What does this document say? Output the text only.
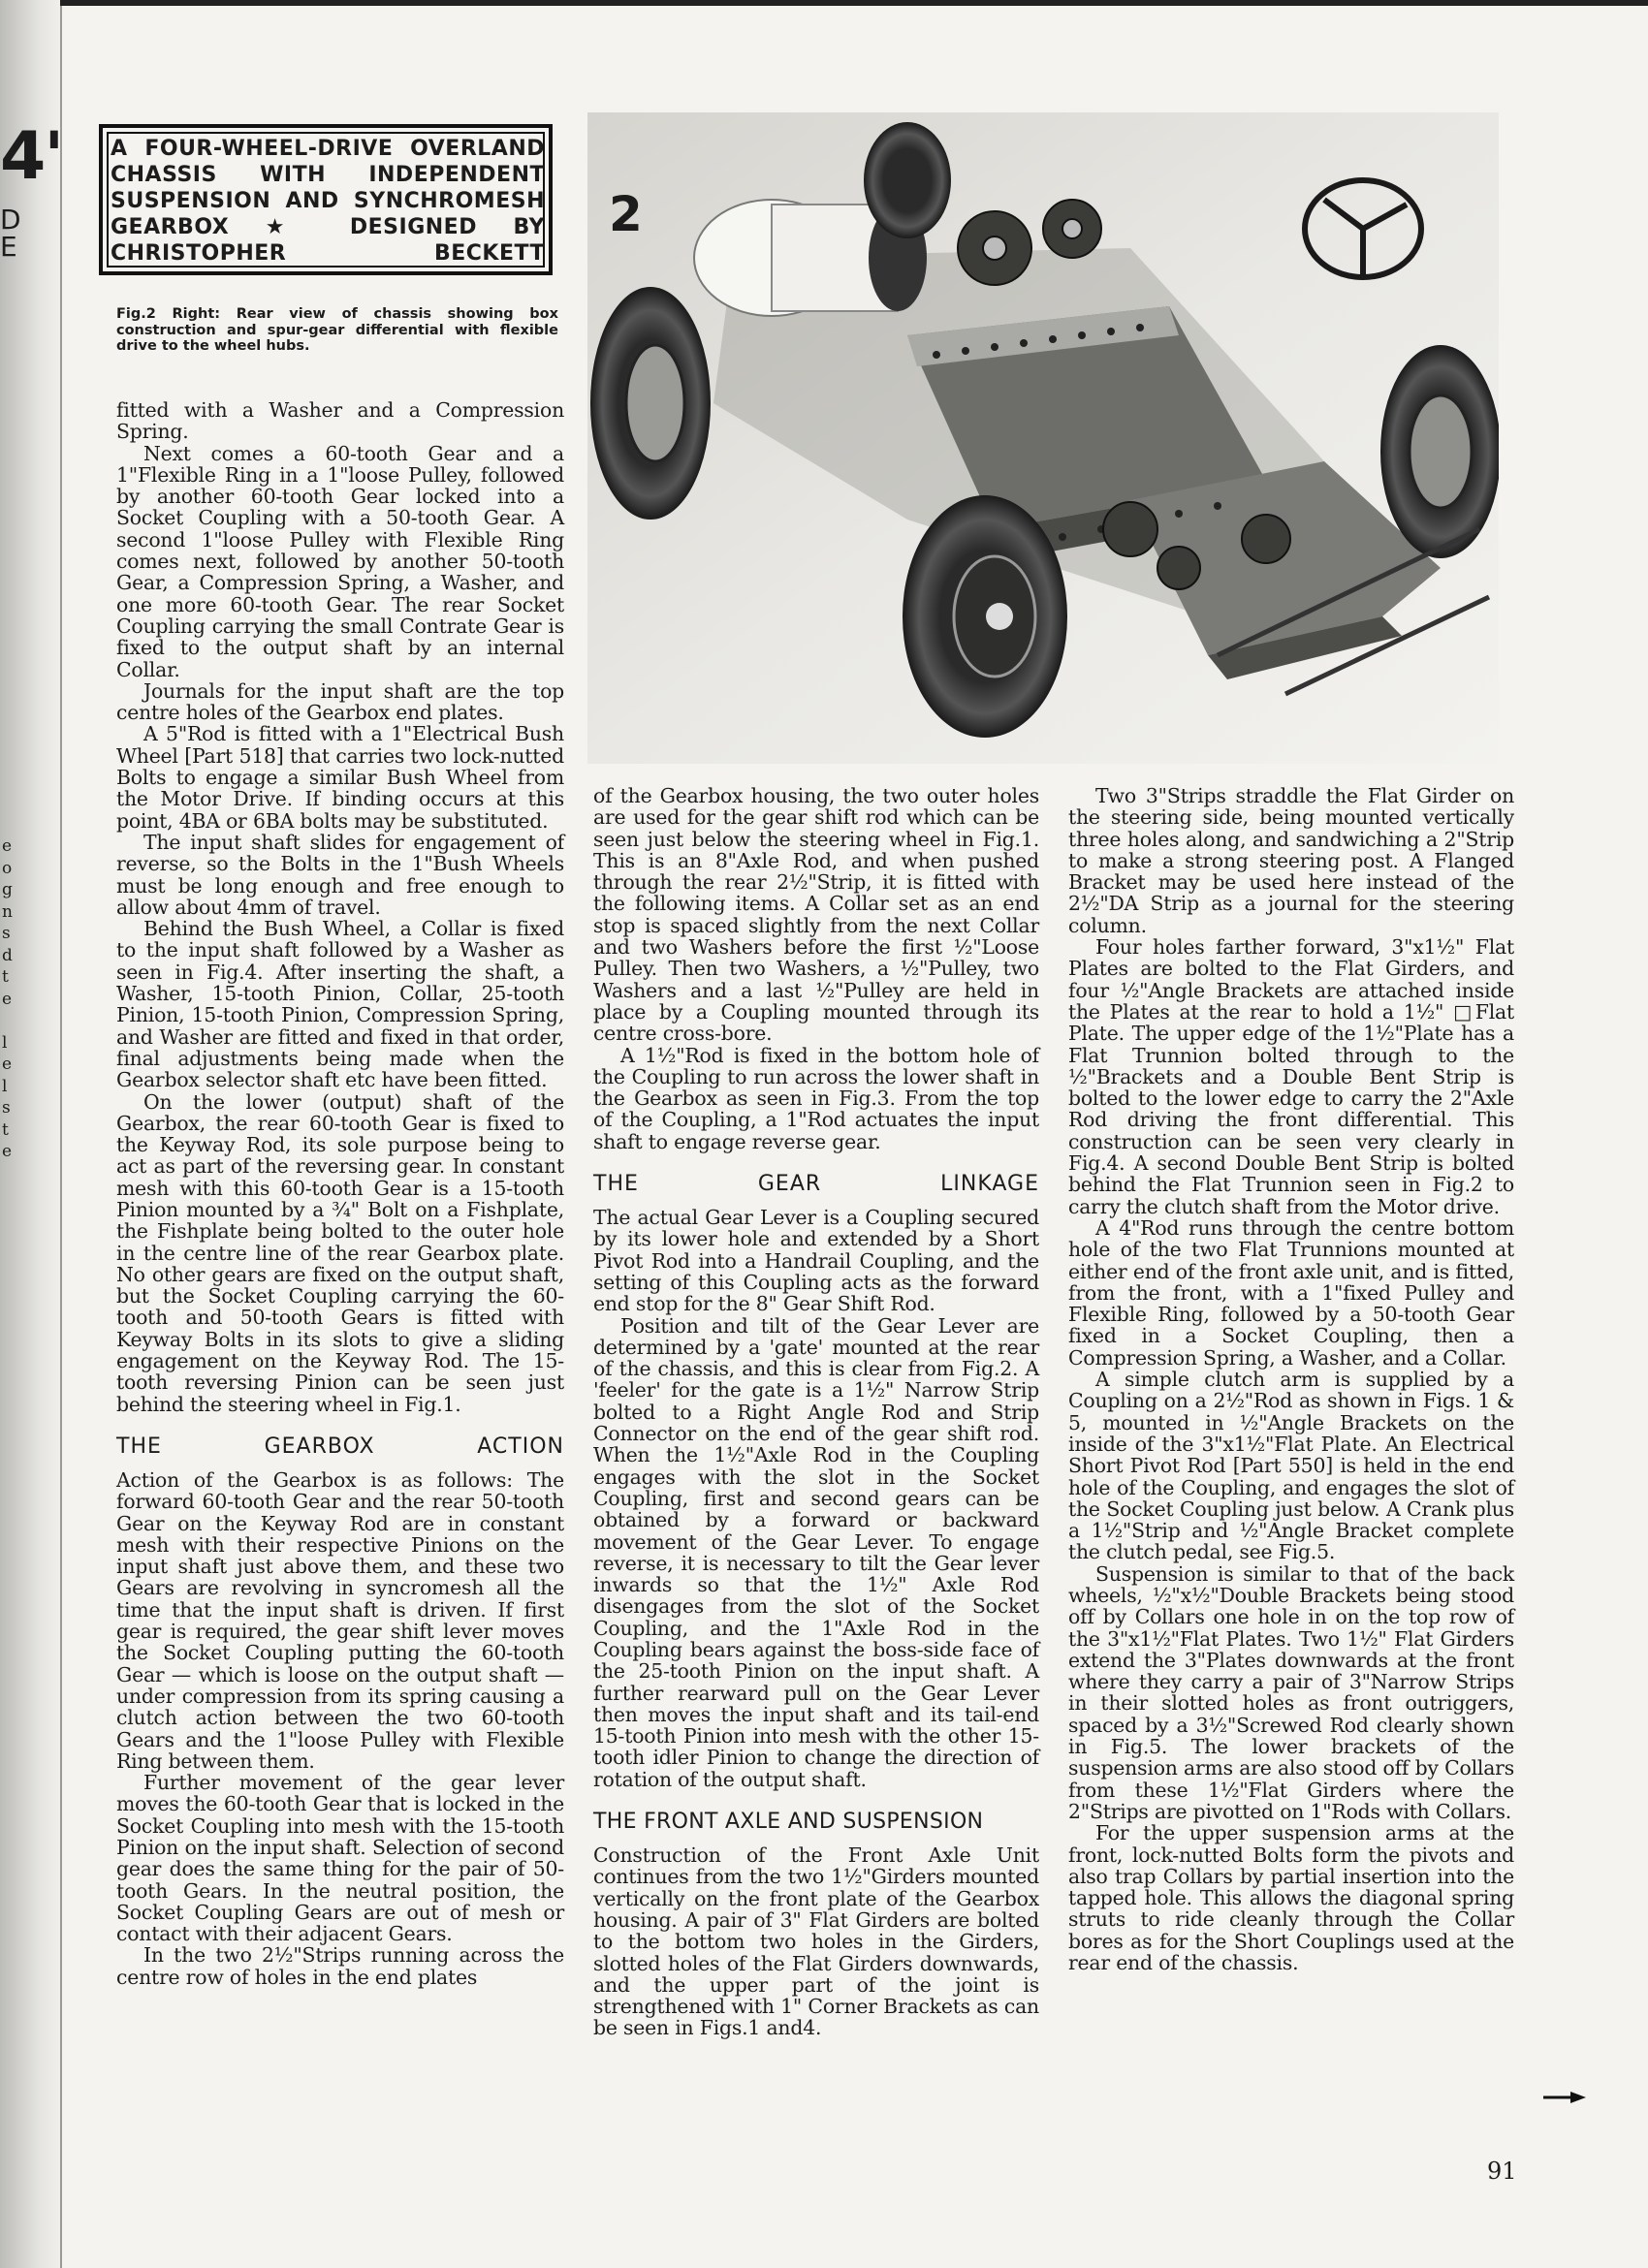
4'
D
E
e
o
g
n
s
d
t
e

l
e
l
s
t
e

A FOUR-WHEEL-DRIVE OVERLAND CHASSIS WITH INDEPENDENT SUSPENSION AND SYNCHROMESH GEARBOX ★ DESIGNED BY CHRISTOPHER BECKETT

Fig.2 Right: Rear view of chassis showing box construction and spur-gear differential with flexible drive to the wheel hubs.
2

fitted with a Washer and a Compression Spring.

Next comes a 60-tooth Gear and a 1"Flexible Ring in a 1"loose Pulley, followed by another 60-tooth Gear locked into a Socket Coupling with a 50-tooth Gear. A second 1"loose Pulley with Flexible Ring comes next, followed by another 50-tooth Gear, a Compression Spring, a Washer, and one more 60-tooth Gear. The rear Socket Coupling carrying the small Contrate Gear is fixed to the output shaft by an internal Collar.

Journals for the input shaft are the top centre holes of the Gearbox end plates.

A 5"Rod is fitted with a 1"Electrical Bush Wheel [Part 518] that carries two lock-nutted Bolts to engage a similar Bush Wheel from the Motor Drive. If binding occurs at this point, 4BA or 6BA bolts may be substituted.

The input shaft slides for engagement of reverse, so the Bolts in the 1"Bush Wheels must be long enough and free enough to allow about 4mm of travel.

Behind the Bush Wheel, a Collar is fixed to the input shaft followed by a Washer as seen in Fig.4. After inserting the shaft, a Washer, 15-tooth Pinion, Collar, 25-tooth Pinion, 15-tooth Pinion, Compression Spring, and Washer are fitted and fixed in that order, final adjustments being made when the Gearbox selector shaft etc have been fitted.

On the lower (output) shaft of the Gearbox, the rear 60-tooth Gear is fixed to the Keyway Rod, its sole purpose being to act as part of the reversing gear. In constant mesh with this 60-tooth Gear is a 15-tooth Pinion mounted by a ¾" Bolt on a Fishplate, the Fishplate being bolted to the outer hole in the centre line of the rear Gearbox plate. No other gears are fixed on the output shaft, but the Socket Coupling carrying the 60-tooth and 50-tooth Gears is fitted with Keyway Bolts in its slots to give a sliding engagement on the Keyway Rod. The 15-tooth reversing Pinion can be seen just behind the steering wheel in Fig.1.

THE GEARBOX ACTION

Action of the Gearbox is as follows: The forward 60-tooth Gear and the rear 50-tooth Gear on the Keyway Rod are in constant mesh with their respective Pinions on the input shaft just above them, and these two Gears are revolving in syncromesh all the time that the input shaft is driven. If first gear is required, the gear shift lever moves the Socket Coupling putting the 60-tooth Gear — which is loose on the output shaft — under compression from its spring causing a clutch action between the two 60-tooth Gears and the 1"loose Pulley with Flexible Ring between them.

Further movement of the gear lever moves the 60-tooth Gear that is locked in the Socket Coupling into mesh with the 15-tooth Pinion on the input shaft. Selection of second gear does the same thing for the pair of 50-tooth Gears. In the neutral position, the Socket Coupling Gears are out of mesh or contact with their adjacent Gears.

In the two 2½"Strips running across the centre row of holes in the end plates

of the Gearbox housing, the two outer holes are used for the gear shift rod which can be seen just below the steering wheel in Fig.1. This is an 8"Axle Rod, and when pushed through the rear 2½"Strip, it is fitted with the following items. A Collar set as an end stop is spaced slightly from the next Collar and two Washers before the first ½"Loose Pulley. Then two Washers, a ½"Pulley, two Washers and a last ½"Pulley are held in place by a Coupling mounted through its centre cross-bore.

A 1½"Rod is fixed in the bottom hole of the Coupling to run across the lower shaft in the Gearbox as seen in Fig.3. From the top of the Coupling, a 1"Rod actuates the input shaft to engage reverse gear.

THE GEAR LINKAGE

The actual Gear Lever is a Coupling secured by its lower hole and extended by a Short Pivot Rod into a Handrail Coupling, and the setting of this Coupling acts as the forward end stop for the 8" Gear Shift Rod.

Position and tilt of the Gear Lever are determined by a 'gate' mounted at the rear of the chassis, and this is clear from Fig.2. A 'feeler' for the gate is a 1½" Narrow Strip bolted to a Right Angle Rod and Strip Connector on the end of the gear shift rod. When the 1½"Axle Rod in the Coupling engages with the slot in the Socket Coupling, first and second gears can be obtained by a forward or backward movement of the Gear Lever. To engage reverse, it is necessary to tilt the Gear lever inwards so that the 1½" Axle Rod disengages from the slot of the Socket Coupling, and the 1"Axle Rod in the Coupling bears against the boss-side face of the 25-tooth Pinion on the input shaft. A further rearward pull on the Gear Lever then moves the input shaft and its tail-end 15-tooth Pinion into mesh with the other 15-tooth idler Pinion to change the direction of rotation of the output shaft.

THE FRONT AXLE AND SUSPENSION

Construction of the Front Axle Unit continues from the two 1½"Girders mounted vertically on the front plate of the Gearbox housing. A pair of 3" Flat Girders are bolted to the bottom two holes in the Girders, slotted holes of the Flat Girders downwards, and the upper part of the joint is strengthened with 1" Corner Brackets as can be seen in Figs.1 and4.

Two 3"Strips straddle the Flat Girder on the steering side, being mounted vertically three holes along, and sandwiching a 2"Strip to make a strong steering post. A Flanged Bracket may be used here instead of the 2½"DA Strip as a journal for the steering column.

Four holes farther forward, 3"x1½" Flat Plates are bolted to the Flat Girders, and four ½"Angle Brackets are attached inside the Plates at the rear to hold a 1½" □Flat Plate. The upper edge of the 1½"Plate has a Flat Trunnion bolted through to the ½"Brackets and a Double Bent Strip is bolted to the lower edge to carry the 2"Axle Rod driving the front differential. This construction can be seen very clearly in Fig.4. A second Double Bent Strip is bolted behind the Flat Trunnion seen in Fig.2 to carry the clutch shaft from the Motor drive.

A 4"Rod runs through the centre bottom hole of the two Flat Trunnions mounted at either end of the front axle unit, and is fitted, from the front, with a 1"fixed Pulley and Flexible Ring, followed by a 50-tooth Gear fixed in a Socket Coupling, then a Compression Spring, a Washer, and a Collar.

A simple clutch arm is supplied by a Coupling on a 2½"Rod as shown in Figs. 1 & 5, mounted in ½"Angle Brackets on the inside of the 3"x1½"Flat Plate. An Electrical Short Pivot Rod [Part 550] is held in the end hole of the Coupling, and engages the slot of the Socket Coupling just below. A Crank plus a 1½"Strip and ½"Angle Bracket complete the clutch pedal, see Fig.5.

Suspension is similar to that of the back wheels, ½"x½"Double Brackets being stood off by Collars one hole in on the top row of the 3"x1½"Flat Plates. Two 1½" Flat Girders extend the 3"Plates downwards at the front where they carry a pair of 3"Narrow Strips in their slotted holes as front outriggers, spaced by a 3½"Screwed Rod clearly shown in Fig.5. The lower brackets of the suspension arms are also stood off by Collars from these 1½"Flat Girders where the 2"Strips are pivotted on 1"Rods with Collars.

For the upper suspension arms at the front, lock-nutted Bolts form the pivots and also trap Collars by partial insertion into the tapped hole. This allows the diagonal spring struts to ride cleanly through the Collar bores as for the Short Couplings used at the rear end of the chassis.

91
